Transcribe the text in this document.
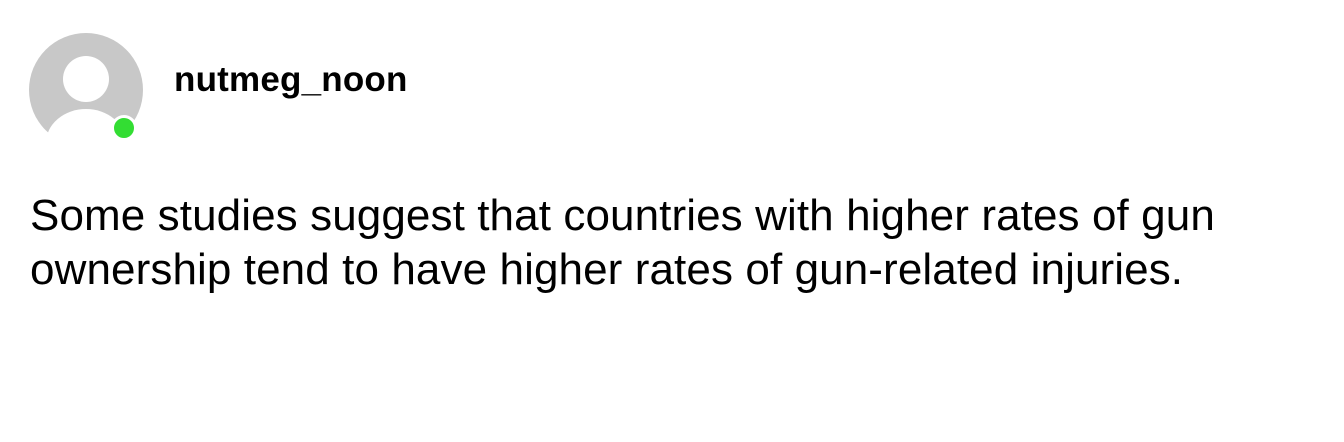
nutmeg_noon

Some studies suggest that countries with higher rates of gun ownership tend to have higher rates of gun-related injuries.
